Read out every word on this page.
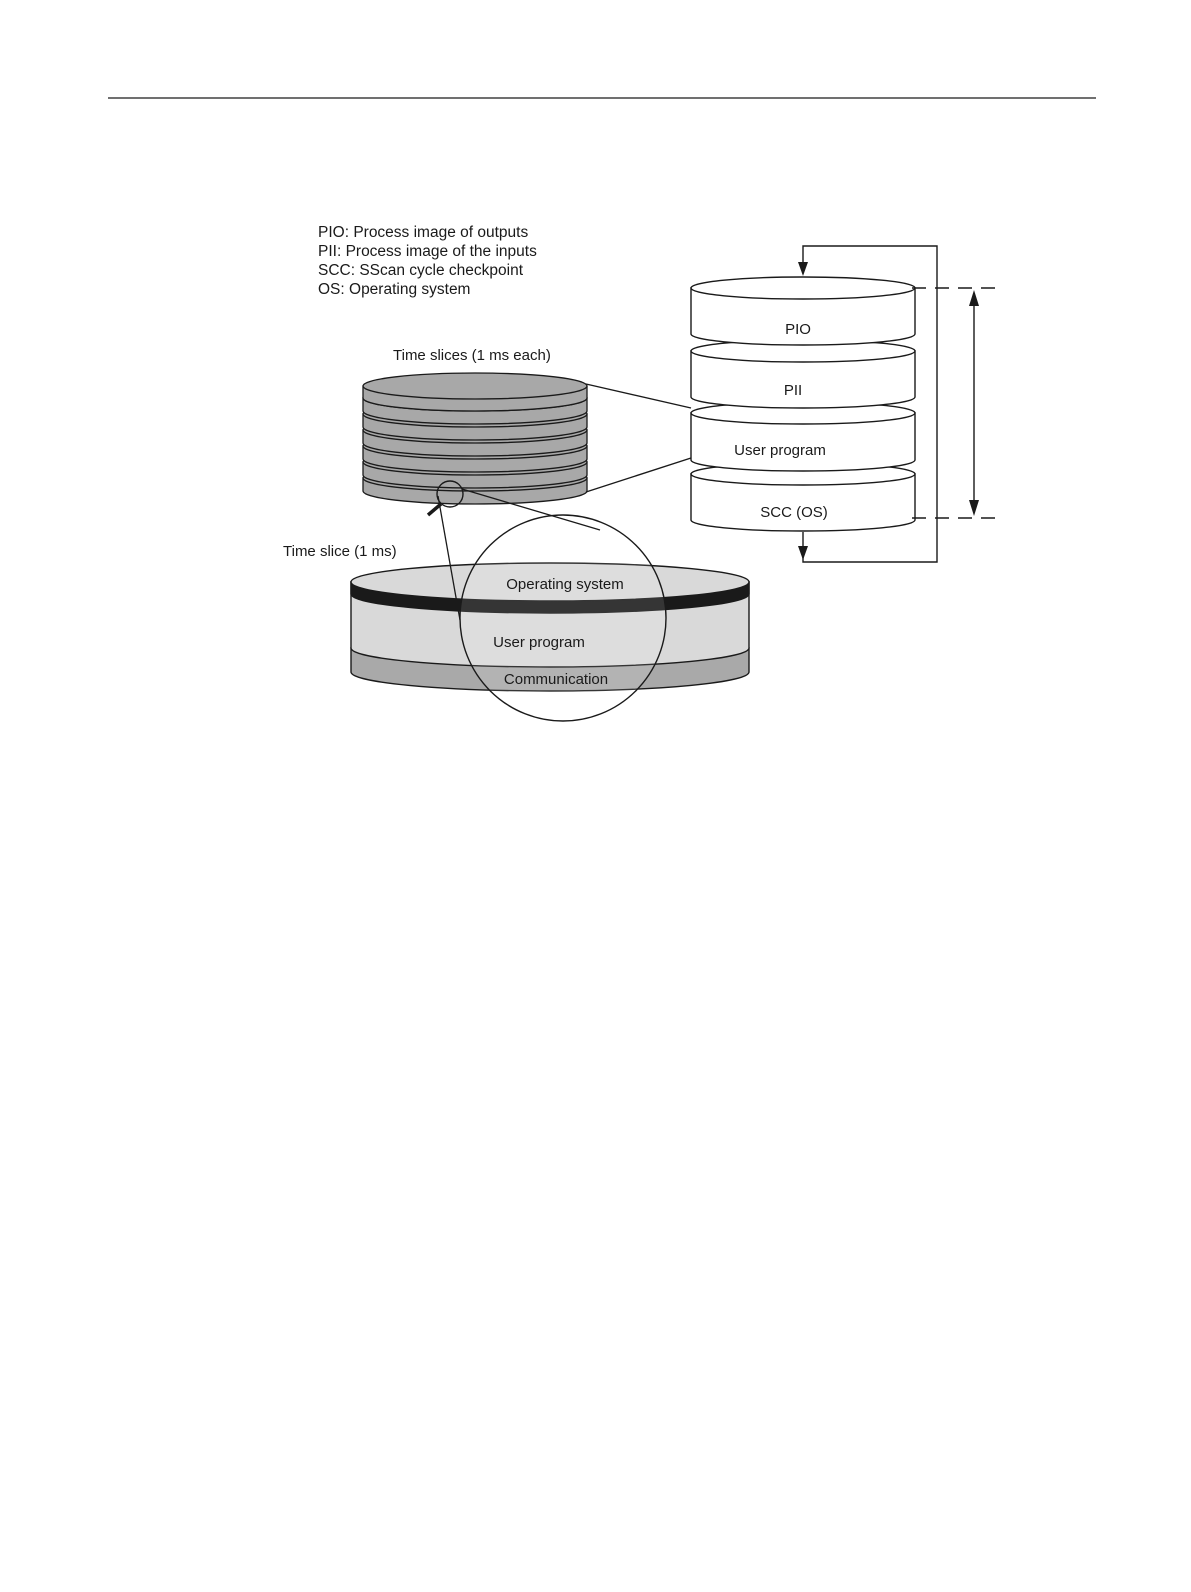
PIO: Process image of outputs
PII: Process image of the inputs
SCC: SScan cycle checkpoint
OS: Operating system
Time slices (1 ms each)
PIO
PII
User program
SCC (OS)
Time slice (1 ms)
Operating system
User program
Communication
